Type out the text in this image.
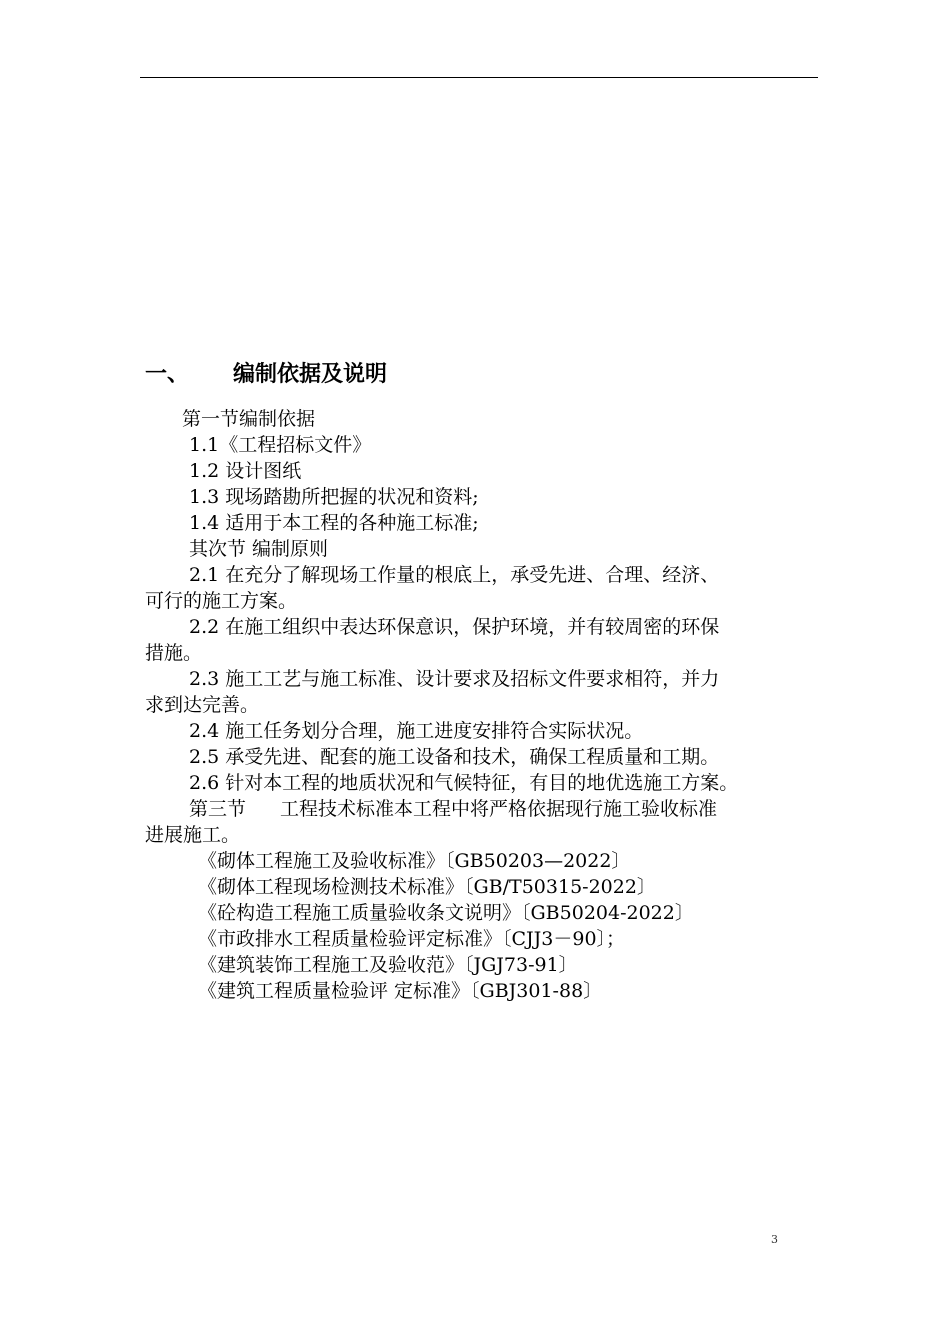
一、 编制依据及说明
第一节编制依据
1.1《工程招标文件》
1.2 设计图纸
1.3 现场踏勘所把握的状况和资料;
1.4 适用于本工程的各种施工标准;
其次节 编制原则
2.1 在充分了解现场工作量的根底上，承受先进、合理、经济、
可行的施工方案。
2.2 在施工组织中表达环保意识，保护环境，并有较周密的环保
措施。
2.3 施工工艺与施工标准、设计要求及招标文件要求相符，并力
求到达完善。
2.4 施工任务划分合理，施工进度安排符合实际状况。
2.5 承受先进、配套的施工设备和技术，确保工程质量和工期。
2.6 针对本工程的地质状况和气候特征，有目的地优选施工方案。
第三节 工程技术标准本工程中将严格依据现行施工验收标准
进展施工。
《砌体工程施工及验收标准》〔GB50203—2022〕
《砌体工程现场检测技术标准》〔GB/T50315-2022〕
《砼构造工程施工质量验收条文说明》〔GB50204-2022〕
《市政排水工程质量检验评定标准》〔CJJ3－90〕；
《建筑装饰工程施工及验收范》〔JGJ73-91〕
《建筑工程质量检验评 定标准》〔GBJ301-88〕
3
